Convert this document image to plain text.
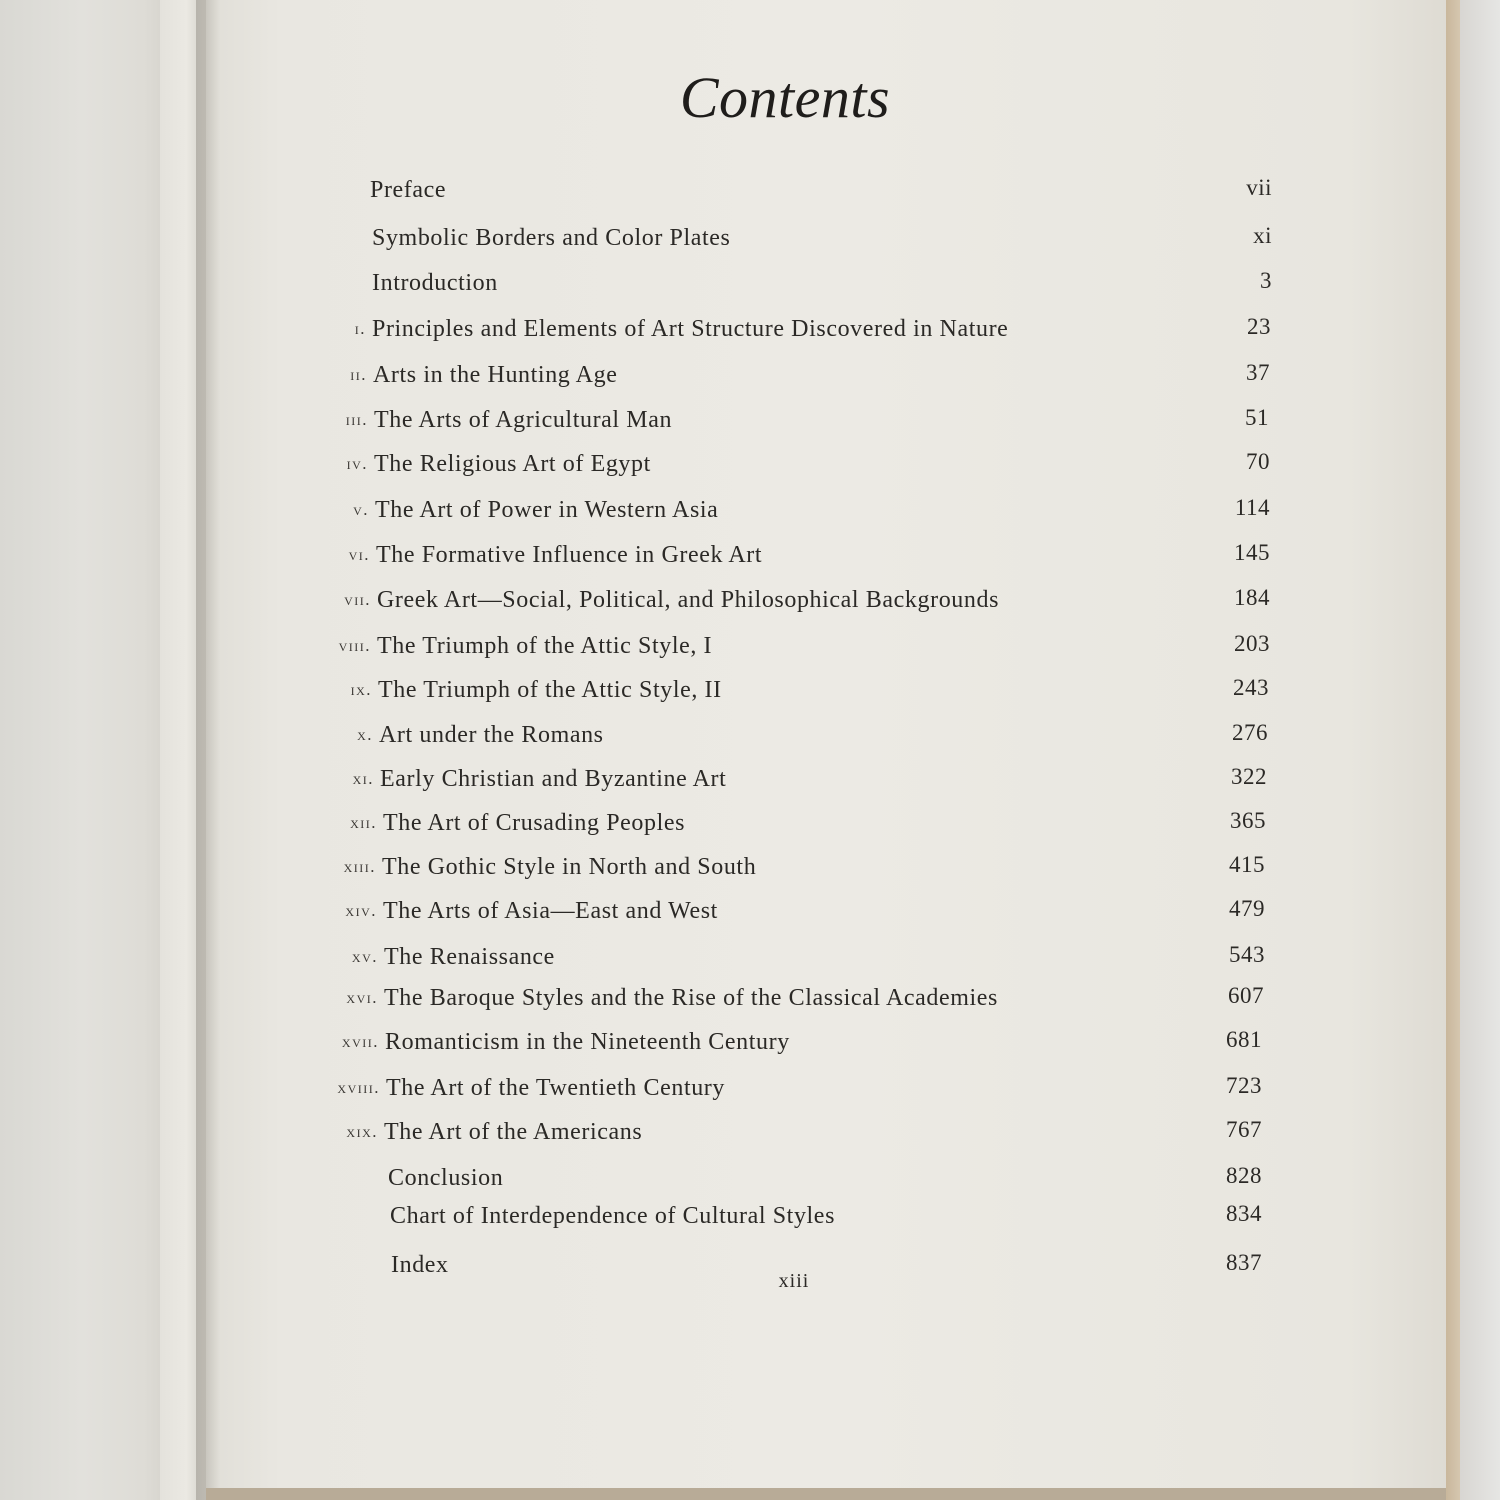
Contents
Preface	vii
Symbolic Borders and Color Plates	xi
Introduction	3
i. Principles and Elements of Art Structure Discovered in Nature	23
ii. Arts in the Hunting Age	37
iii. The Arts of Agricultural Man	51
iv. The Religious Art of Egypt	70
v. The Art of Power in Western Asia	114
vi. The Formative Influence in Greek Art	145
vii. Greek Art—Social, Political, and Philosophical Backgrounds	184
viii. The Triumph of the Attic Style, I	203
ix. The Triumph of the Attic Style, II	243
x. Art under the Romans	276
xi. Early Christian and Byzantine Art	322
xii. The Art of Crusading Peoples	365
xiii. The Gothic Style in North and South	415
xiv. The Arts of Asia—East and West	479
xv. The Renaissance	543
xvi. The Baroque Styles and the Rise of the Classical Academies	607
xvii. Romanticism in the Nineteenth Century	681
xviii. The Art of the Twentieth Century	723
xix. The Art of the Americans	767
Conclusion	828
Chart of Interdependence of Cultural Styles	834
Index	837
xiii
